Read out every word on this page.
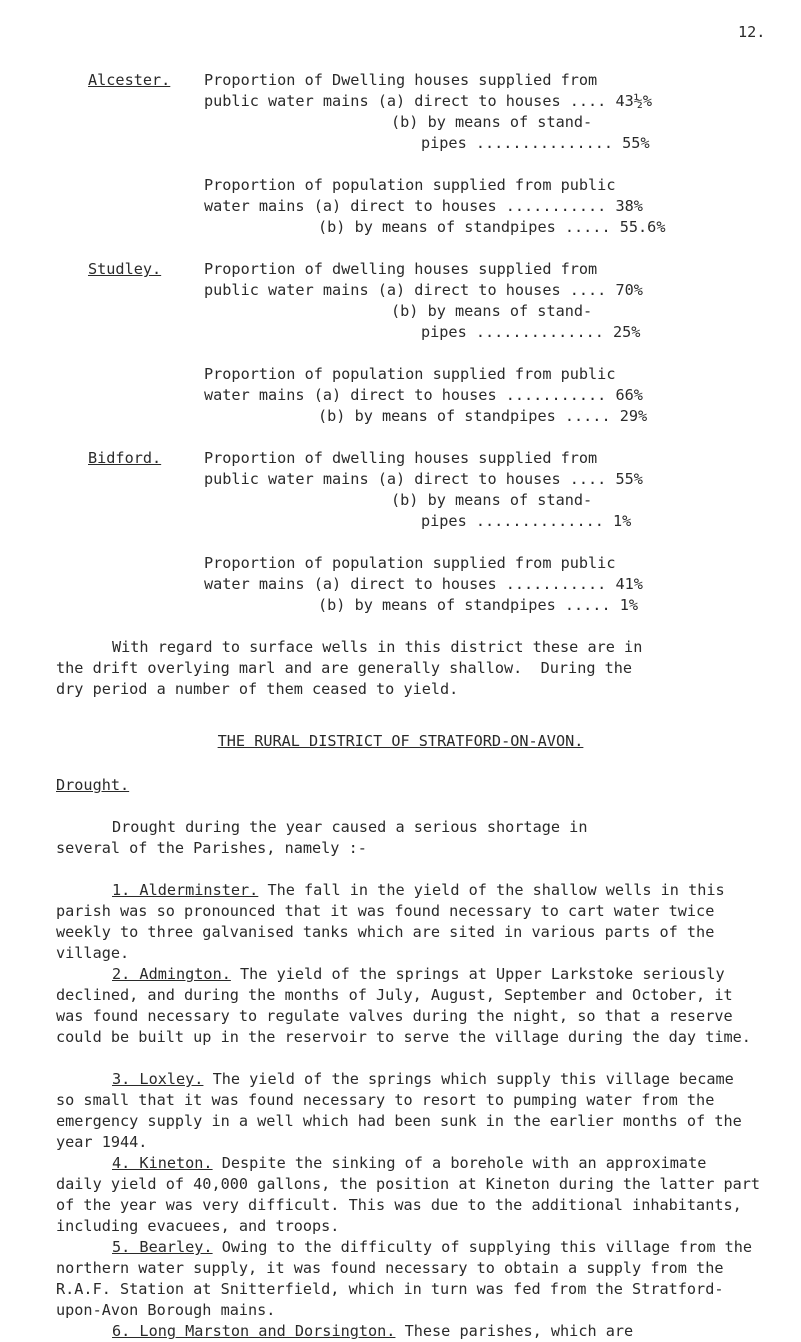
12.
Alcester. Proportion of Dwelling houses supplied from
public water mains (a) direct to houses .... 43½%
(b) by means of stand-
pipes ............... 55%
Proportion of population supplied from public
water mains (a) direct to houses ........... 38%
(b) by means of standpipes ..... 55.6%
Studley.	Proportion of dwelling houses supplied from
public water mains (a) direct to houses .... 70%
(b) by means of stand-
pipes .............. 25%
Proportion of population supplied from public
water mains (a) direct to houses ........... 66%
(b) by means of standpipes ..... 29%
Bidford.	Proportion of dwelling houses supplied from
public water mains (a) direct to houses .... 55%
(b) by means of stand-
pipes .............. 1%
Proportion of population supplied from public
water mains (a) direct to houses ........... 41%
(b) by means of standpipes ..... 1%
With regard to surface wells in this district these are in
the drift overlying marl and are generally shallow.  During the
dry period a number of them ceased to yield.
THE RURAL DISTRICT OF STRATFORD-ON-AVON.
Drought.
Drought during the year caused a serious shortage in
several of the Parishes, namely :-
1. Alderminster. The fall in the yield of the shallow wells in this parish was so pronounced that it was found necessary to cart water twice weekly to three galvanised tanks which are sited in various parts of the village.
2. Admington. The yield of the springs at Upper Larkstoke seriously declined, and during the months of July, August, September and October, it was found necessary to regulate valves during the night, so that a reserve could be built up in the reservoir to serve the village during the day time.
3. Loxley. The yield of the springs which supply this village became so small that it was found necessary to resort to pumping water from the emergency supply in a well which had been sunk in the earlier months of the year 1944.
4. Kineton. Despite the sinking of a borehole with an approximate daily yield of 40,000 gallons, the position at Kineton during the latter part of the year was very difficult. This was due to the additional inhabitants, including evacuees, and troops.
5. Bearley. Owing to the difficulty of supplying this village from the northern water supply, it was found necessary to obtain a supply from the R.A.F. Station at Snitterfield, which in turn was fed from the Stratford-upon-Avon Borough mains.
6. Long Marston and Dorsington. These parishes, which are
